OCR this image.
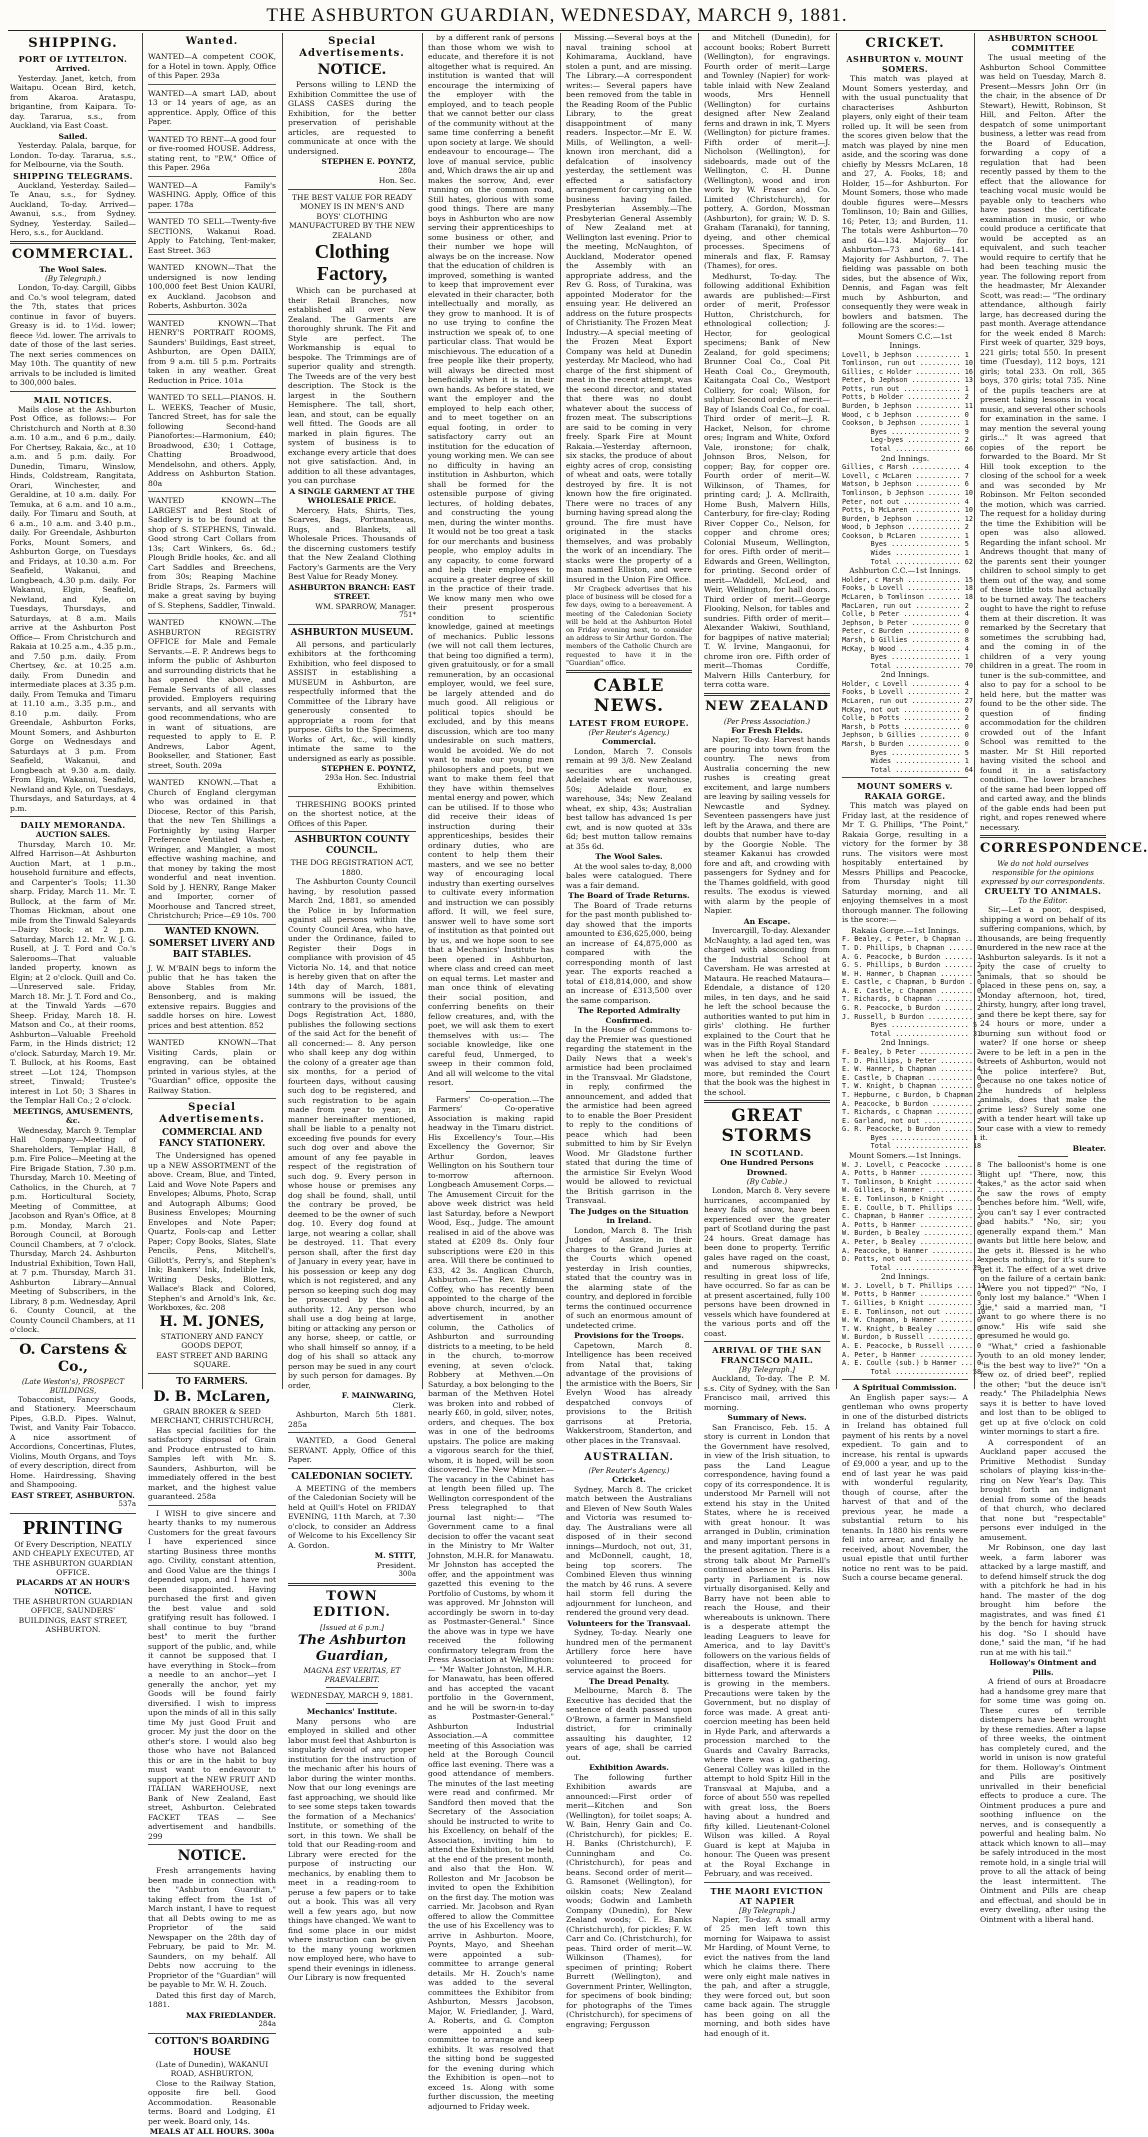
THE ASHBURTON GUARDIAN, WEDNESDAY, MARCH 9, 1881.
SHIPPING.
PORT OF LYTTELTON.
Arrived.
Yesterday. Janet, ketch, from Waitapu. Ocean Bird, ketch, from Akaroa. Arataspu, brigantine, from Kaipara. To-day. Tararua, s.s., from Auckland, via East Coast.
Sailed.
Yesterday. Palala, barque, for London. To-day. Tararua, s.s., for Melbourne, via the South.
SHIPPING TELEGRAMS.
Auckland, Yesterday. Sailed—Te Anau, s.s., for Sydney. Auckland, To-day. Arrived—Awanui, s.s., from Sydney. Sydney, Yesterday. Sailed—Hero, s.s., for Auckland.
COMMERCIAL.
The Wool Sales.
(By Telegraph.)
London, To-day. Cargill, Gibbs and Co.'s wool telegram, dated the 7th, states that prices continue in favor of buyers. Greasy is id. to 1½d. lower; fleece ½d. lower. The arrivals to date of those of the last series. The next series commences on May 10th. The quantity of new arrivals to be included is limited to 300,000 bales.
MAIL NOTICES.
Mails close at the Ashburton Post Office, as follows:— For Christchurch and North at 8.30 a.m. 10 a.m., and 6 p.m., daily. For Chertsey, Rakaia, &c., at 10 a.m. and 5 p.m. daily. For Dunedin, Timaru, Winslow, Hinds, Coldstream, Rangitata, Orari, Winchester, and Geraldine, at 10 a.m. daily. For Temuka, at 6 a.m. and 10 a.m., daily. For Timaru and South, at 6 a.m., 10 a.m. and 3.40 p.m., daily. For Greendale, Ashburton Forks, Mount Somers, and Ashburton Gorge, on Tuesdays and Fridays, at 10.30 a.m. For Seafield, Wakanui, and Longbeach, 4.30 p.m. daily. For Wakanui, Elgin, Seafield, Newland, and Kyle, on Tuesdays, Thursdays, and Saturdays, at 8 a.m. Mails arrive at the Ashburton Post Office— From Christchurch and Rakaia at 10.25 a.m., 4.35 p.m., and 7.50 p.m. daily. From Chertsey, &c. at 10.25 a.m. daily. From Dunedin and intermediate places at 3.35 p.m. daily. From Temuka and Timaru at 11.10 a.m., 3.35 p.m., and 8.10 p.m. daily. From Greendale, Ashburton Forks, Mount Somers, and Ashburton Gorge on Wednesdays and Saturdays at 3 p.m. From Seafield, Wakanui, and Longbeach at 9.30 a.m. daily. From Elgin, Wakanui, Seafield, Newland and Kyle, on Tuesdays, Thursdays, and Saturdays, at 4 p.m.
DAILY MEMORANDA.
AUCTION SALES.
Thursday, March 10. Mr. Alfred Harrison—At Ashburton Auction Mart, at 1 p.m., household furniture and effects, and Carpenter's Tools; 11.30 sharp. Friday, March 11. Mr. T. Bullock, at the farm of Mr. Thomas Hickman, about one mile from the Tinwald Saleyards—Dairy Stock; at 2 p.m. Saturday, March 12. Mr. W. J. G. Rusell, at J. T. Ford and Co.'s Salerooms—That valuable landed property, known as Elgin; at 2 o'clock. Quill and Co.—Unreserved sale. Friday, March 18. Mr. J. T. Ford and Co., at the Tinwald Yards —670 Sheep. Friday, March 18. H. Matson and Co., at their rooms, Ashburton—Valuable Freehold Farm, in the Hinds district; 12 o'clock. Saturday, March 19. Mr. T. Bullock, at his Rooms, East street —Lot 124, Thompson street, Tinwald; Trustee's interest in Lot 50; 3 Shares in the Templar Hall Co.; 2 o'clock.
MEETINGS, AMUSEMENTS, &c.
Wednesday, March 9. Templar Hall Company—Meeting of Shareholders, Templar Hall, 8 p.m. Fire Police—Meeting at the Fire Brigade Station, 7.30 p.m. Thursday, March 10. Meeting of Catholics, in the Church, at 7 p.m. Horticultural Society, Meeting of Committee, at Jacobson and Ryan's Office, at 8 p.m. Monday, March 21. Borough Council, at Borough Council Chambers, at 7 o'clock. Thursday, March 24. Ashburton Industrial Exhibition, Town Hall, at 7 p.m. Thursday, March 31. Ashburton Library—Annual Meeting of Subscribers, in the Library, 8 p.m. Wednesday, April 6. County Council, at the County Council Chambers, at 11 o'clock.
O. Carstens & Co.,
(Late Weston's), PROSPECT BUILDINGS,
Tobacconist, Fancy Goods, and Stationery. Meerschaum Pipes, G.B.D. Pipes. Walnut, Twist, and Vanity Fair Tobacco. A nice assortment of Accordions, Concertinas, Flutes, Violins, Mouth Organs, and Toys of every description, direct from Home. Hairdressing, Shaving and Shampooing.
EAST STREET, ASHBURTON.
537a
PRINTING
Of Every Description, NEATLY AND CHEAPLY EXECUTED, AT THE ASHBURTON GUARDIAN OFFICE.
PLACARDS AT AN HOUR'S NOTICE.
THE ASHBURTON GUARDIAN OFFICE, SAUNDERS' BUILDINGS, EAST STREET, ASHBURTON.
Wanted.
WANTED—A competent COOK, for a Hotel in town. Apply, Office of this Paper. 293a
WANTED—A smart LAD, about 13 or 14 years of age, as an apprentice. Apply, Office of this Paper.
WANTED TO RENT—A good four or five-roomed HOUSE. Address, stating rent, to "P.W," Office of this Paper. 296a
WANTED—A Family's WASHING. Apply, Office of this paper. 178a
WANTED TO SELL—Twenty-five SECTIONS, Wakanui Road. Apply to Fatching, Tent-maker, East Street. 363
WANTED KNOWN—That the undersigned is now lending 100,000 feet Best Union KAURI, ex Auckland. Jacobson and Roberts, Ashburton. 302a
WANTED KNOWN—That HENRY'S PORTRAIT ROOMS, Saunders' Buildings, East street, Ashburton, are Open DAILY, from 9 a.m. till 5 p.m. Portraits taken in any weather. Great Reduction in Price. 101a
WANTED TO SELL—PIANOS. H. L. WEEKS, Teacher of Music, Tancred Street, has for sale the following Second-hand Pianofortes:—Harmonium, £40; Broadwood, £30; 1 Cottage, Chatting Broadwood, Mendelsohn, and others. Apply, Address on Ashburton Station. 80a
WANTED KNOWN—The LARGEST and Best Stock of Saddlery is to be found at the shop of S. STEPHENS, Tinwald. Good strong Cart Collars from 13s; Cart Winkers, 6s. 6d.; Plough Bridle hooks, &c. and all Cart Saddles and Breechens, from 30s; Reaping Machine Bridle Straps, 2s. Farmers will make a great saving by buying of S. Stephens, Saddler, Tinwald.
WANTED KNOWN.—The ASHBURTON REGISTRY OFFICE for Male and Female Servants.—E. P. Andrews begs to inform the public of Ashburton and surrounding districts that he has opened the above, and Female Servants of all classes provided. Employers requiring servants, and all servants with good recommendations, who are in want of situations, are requested to apply to E. P. Andrews, Labor Agent, Bookseller, and Stationer, East street, South. 209a
WANTED KNOWN.—That a Church of England clergyman who was ordained in that Diocese, Rector of this Parish, that the new Ten Shillings a Fortnightly by using Harper Preference Ventilated Washer, Wringer, and Mangler, a most effective washing machine, and that money by taking the most wonderful and neat invention. Sold by J. HENRY, Range Maker and Importer, corner of Moorhouse and Tancred street, Christchurch; Price—£9 10s. 700
WANTED KNOWN.
SOMERSET LIVERY AND BAIT STABLES.
J. W. M'BAIN begs to inform the public that he has taken the above Stables from Mr. Bensonberg, and is making extensive repairs. Buggies and saddle horses on hire. Lowest prices and best attention. 852
WANTED KNOWN—That Visiting Cards, plain or engraving, can be obtained printed in various styles, at the "Guardian" office, opposite the Railway Station.
Special Advertisements.
COMMERCIAL AND FANCY STATIONERY.
The Undersigned has opened up a NEW ASSORTMENT of the above. Cream, Blue, and Tinted, Laid and Wove Note Papers and Envelopes; Albums, Photo, Scrap and Autograph Albums; Good Business Envelopes; Mourning Envelopes and Note Paper; Quartz, Fools-cap and Letter Paper; Copy Books, Slates, Slate Pencils, Pens, Mitchell's, Gillott's, Perry's, and Stephen's Ink; Bankers' Ink, Indelible Ink, Writing Desks, Blotters, Wallace's Black and Colored, Stephen's and Arnold's Ink, &c. Workboxes, &c. 208
H. M. JONES,
STATIONERY AND FANCY GOODS DEPOT,
EAST STREET AND BARING SQUARE.
TO FARMERS.
D. B. McLaren,
GRAIN BROKER & SEED MERCHANT, CHRISTCHURCH,
Has special facilities for the satisfactory disposal of Grain and Produce entrusted to him. Samples left with Mr. S. Saunders, Ashburton, will be immediately offered in the best market, and the highest value guaranteed. 258a
I WISH to give sincere and hearty thanks to my numerous Customers for the great favours I have experienced since starting Business three months ago. Civility, constant attention, and Good Value are the things I depended upon, and I have not been disappointed. Having purchased the first and given the best value and sold gratifying result has followed. I shall continue to buy "brand best" to merit the further support of the public, and, while it cannot be supposed that I have everything in Stock—from a needle to an anchor—yet I generally the anchor, yet my Goods will be found fairly diversified. I wish to impress upon the minds of all in this sally time My just Good Fruit and grocer. My just the door on the other's store. I would also beg those who have not Balanced this or are in the habit to buy must want to endeavour to support at the NEW FRUIT AND ITALIAN WAREHOUSE, next Bank of New Zealand, East street, Ashburton. Celebrated FACKET TEAS — See advertisement and handbills. 299
NOTICE.
Fresh arrangements having been made in connection with the "Ashburton Guardian," taking effect from the 1st of March instant, I have to request that all Debts owing to me as Proprietor of the said Newspaper on the 28th day of February, be paid to Mr. M. Saunders, on my behalf. All Debts now accruing to the Proprietor of the "Guardian" will be payable to Mr. W. H. Zouch.
Dated this first day of March, 1881.
MAX FRIEDLANDER.
284a
COTTON'S BOARDING HOUSE
(Late of Dunedin), WAKANUI ROAD, ASHBURTON,
Close to the Railway Station, opposite fire bell. Good Accommodation. Reasonable terms. Board and Lodging, £1 per week. Board only, 14s.
MEALS AT ALL HOURS. 300a
Special Advertisements.
NOTICE.
Persons willing to LEND the Exhibition Committee the use of GLASS CASES during the Exhibition, for the better preservation of perishable articles, are requested to communicate at once with the undersigned.
STEPHEN E. POYNTZ,
280a
Hon. Sec.
THE BEST VALUE FOR READY MONEY IS IN MEN'S AND BOYS' CLOTHING MANUFACTURED BY THE NEW ZEALAND
Clothing Factory,
Which can be purchased at their Retail Branches, now established all over New Zealand. The Garments are thoroughly shrunk. The Fit and Style are perfect. The Workmanship is equal to bespoke. The Trimmings are of superior quality and strength. The Tweeds are of the very best description. The Stock is the largest in the Southern Hemisphere. The tall, short, lean, and stout, can be equally well fitted. The Goods are all marked in plain figures. The system of business is to exchange every article that does not give satisfaction. And, in addition to all these advantages, you can purchase
A SINGLE GARMENT AT THE WHOLESALE PRICE.
Mercery, Hats, Shirts, Ties, Scarves, Bags, Portmanteaus, Rugs, and Blankets, all Wholesale Prices. Thousands of the discerning customers testify that the New Zealand Clothing Factory's Garments are the Very Best Value for Ready Money.
ASHBURTON BRANCH: EAST STREET.
WM. SPARROW, Manager.
751*
ASHBURTON MUSEUM.
All persons, and particularly exhibitors at the forthcoming Exhibition, who feel disposed to ASSIST in establishing a MUSEUM in Ashburton, are respectfully informed that the Committee of the Library have generously consented to appropriate a room for that purpose. Gifts to the Specimens, Works of Art, &c., will kindly intimate the same to the undersigned as early as possible.
STEPHEN E. POYNTZ,
293a Hon. Sec. Industrial Exhibition.
THRESHING BOOKS printed on the shortest notice, at the Offices of this Paper.
ASHBURTON COUNTY COUNCIL.
THE DOG REGISTRATION ACT, 1880.
The Ashburton County Council having, by resolution passed March 2nd, 1881, so amended the Police in by Information against all persons within the County Council Area, who have, under the Ordinance, failed to Register their Dogs in compliance with provision of 45 Victoria No. 14, and that notice is hereby given that on after the 14th day of March, 1881, summons will be issued, the contrary to the provisions of the Dogs Registration Act, 1880, publishes the following sections of the said Act for the benefit of all concerned:— 8. Any person who shall keep any dog within the colony of a greater age than six months, for a period of fourteen days, without causing such dog to be registered, and such registration to be again made from year to year, in manner hereinafter mentioned, shall be liable to a penalty not exceeding five pounds for every such dog over and above the amount of any fee payable in respect of the registration of such dog. 9. Every person in whose house or premises any dog shall be found, shall, until the contrary be proved, be deemed to be the owner of such dog. 10. Every dog found at large, not wearing a collar, shall be destroyed. 11. That every person shall, after the first day of January in every year, have in his possession or keep any dog which is not registered, and any person so keeping such dog may be prosecuted by the local authority. 12. Any person who shall use a dog being at large, biting or attacking any person or any horse, sheep, or cattle, or who shall himself so annoy, if a dog of his shall so attack any person may be sued in any court by such person for damages. By order,
F. MAINWARING,
Clerk.
Ashburton, March 5th 1881. 285a
WANTED, a Good General SERVANT. Apply, Office of this Paper.
CALEDONIAN SOCIETY.
A MEETING of the members of the Caledonian Society will be held at Quill's Hotel on FRIDAY EVENING, 11th March, at 7.30 o'clock, to consider an Address of Welcome to his Excellency Sir A. Gordon.
M. STITT,
President.
300a
TOWN EDITION.
[Issued at 6 p.m.]
The Ashburton Guardian,
MAGNA EST VERITAS, ET PRAEVALEBIT.
WEDNESDAY, MARCH 9, 1881.
Mechanics' Institute.
Many persons who are employed in skilled and other labor must feel that Ashburton is singularly devoid of any proper institution for the instruction of the mechanic after his hours of labor during the winter months. Now that our long evenings are fast approaching, we should like to see some steps taken towards the formation of a Mechanics' Institute, or something of the sort, in this town. We shall be told that our Reading-room and Library were erected for the purpose of instructing our mechanics, by enabling them to meet in a reading-room to peruse a few papers or to take out a book. This was all very well a few years ago, but now things have changed. We want to find some place in our midst where instruction can be given to the many young workmen now employed here, who have to spend their evenings in idleness. Our Library is now frequented
by a different rank of persons than those whom we wish to educate, and therefore it is not altogether what is required. An institution is wanted that will encourage the intermixing of the employer with the employed, and to teach people that we cannot better our class of the community without at the same time conferring a benefit upon society at large. We should endeavour to encourage— The love of manual service, public and, Which draws the air up and makes the sorrow, And, ever running on the common road, Still hates, glorious with some good things. There are many boys in Ashburton who are now serving their apprenticeships to some business or other, and their number we hope will always be on the increase. Now that the education of children is improved, something is wanted to keep that improvement ever elevated in their character, both intellectually and morally, as they grow to manhood. It is of no use trying to confine the instruction we speak of, to one particular class. That would be mischievous. The education of a free people like their property, will always be directed most beneficially when it is in their own hands. As before stated, we want the employer and the employed to help each other, and to meet together on an equal footing, in order to satisfactory carry out an institution for the education of young working men. We can see no difficulty in having an institution in Ashburton, which shall be formed for the ostensible purpose of giving lectures, of holding debates, and constructing the young men, during the winter months. It would not be too great a task for our merchants and business people, who employ adults in any capacity, to come forward and help their employees to acquire a greater degree of skill in the practice of their trade. We know many men who owe their present prosperous condition to scientific knowledge, gained at meetings of mechanics. Public lessons (we will not call them lectures, that being too dignified a term), given gratuitously, or for a small remuneration, by an occasional employer, would, we feel sure, be largely attended and do much good. All religious or political topics should be excluded, and by this means discussion, which are too many undesirable on such matters, would be avoided. We do not want to make our young men philosophers and poets, but we want to make them feel that they have within themselves mental energy and power, which can be utilised. If to those who did receive their ideas of instruction during their apprenticeships, besides their ordinary duties, who are content to help them their masters, and we see no better way of encouraging local industry than exerting ourselves to cultivate every information and instruction we can possibly afford. It will, we feel sure, answer well to have some sort of institution as that pointed out by us, and we hope soon to see that a Mechanics' Institute has been opened in Ashburton, where class and creed can meet on equal terms. Let master and man once think of elevating their social position, and conferring benefits on their fellow creatures, and, with the poet, we will ask them to exert themselves with us:— The sociable knowledge, like one careful feud, Unmerged, to sweep in their common fold, And all will welcome to the vital resort.
Farmers' Co-operation.—The Farmers' Co-operative Association is making rapid headway in the Timaru district. His Excellency's Tour.—His Excellency the Governor, Sir Arthur Gordon, leaves Wellington on his Southern tour to-morrow afternoon. Longbeach Amusement Corps.—The Amusement Circuit for the above week district was held last Saturday, before a Newport Wood, Esq., Judge. The amount realised in aid of the above was stated at £209 8s. Only four subscriptions were £20 in this area. Will there be continued to £33, 42 3s. Anglican Church, Ashburton.—The Rev. Edmund Coffey, who has recently been appointed to the charge of the above church, incurred, by an advertisement in another column, the Catholics of Ashburton and surrounding districts to a meeting, to be held in the church, to-morrow evening, at seven o'clock. Robbery at Methven.—On Saturday, a box belonging to the barman of the Methven Hotel was broken into and robbed of nearly £60, in gold, silver, notes, orders, and cheques. The box was in one of the bedrooms upstairs. The police are making a vigorous search for the thief, whom, it is hoped, will be soon discovered. The New Minister.—The vacancy in the Cabinet has at length been filled up. The Wellington correspondent of the Press telegraphed to that journal last night:— "The Government came to a final decision to offer the vacant seat in the Ministry to Mr Walter Johnston, M.H.R. for Manawatu. Mr Johnston has accepted the offer, and the appointment was gazetted this evening to the Portfolio of Customs, by whom it was approved. Mr Johnston will accordingly be sworn in to-day as Postmaster-General." Since the above was in type we have received the following confirmatory telegram from the Press Association at Wellington:— "Mr Walter Johnston, M.H.R. for Manawatu, has been offered and has accepted the vacant portfolio in the Government, and he will be sworn-in to-day as Postmaster-General." Ashburton Industrial Association.—A committee meeting of this Association was held at the Borough Council office last evening. There was a good attendance of members. The minutes of the last meeting were read and confirmed. Mr Sandford then moved that the Secretary of the Association should be instructed to write to his Excellency, on behalf of the Association, inviting him to attend the Exhibition, to be held at the end of the present month, and also that the Hon. W. Rolleston and Mr Jacobson be invited to open the Exhibition on the first day. The motion was carried. Mr. Jacobson and Ryan offered to allow the Committee the use of his Excellency was to arrive in Ashburton. Moore, Poynts, Mayo, and Sheehan were appointed a sub-committee to arrange general details. Mr H. Zouch's name was added to the several committees the Exhibitor from Ashburton, Messrs Jacobson, Major, W. Friedlander, J. Ward, A. Roberts, and G. Compton were appointed a sub-committee to arrange and keep exhibits. It was resolved that the sitting bond be suggested for the evening during which the Exhibition is open—not to exceed 1s. Along with some further discussion, the meeting adjourned to Friday week.
Missing.—Several boys at the naval training school at Kohimarama, Auckland, have stolen a punt, and are missing. The Library.—A correspondent writes:— Several papers have been removed from the table in the Reading Room of the Public Library, to the great disappointment of many readers. Inspector.—Mr E. W. Mills, of Wellington, a well-known iron merchant, did a defalcation of insolvency yesterday, the settlement was effected a satisfactory arrangement for carrying on the business having failed. Presbyterian Assembly.—The Presbyterian General Assembly of New Zealand met at Wellington last evening. Prior to the meeting, McNaughton, of Auckland, Moderator opened the Assembly with an appropriate address, and the Rev G. Ross, of Turakina, was appointed Moderator for the ensuing year. He delivered an address on the future prospects of Christianity. The Frozen Meat Industry.—A special meeting of the Frozen Meat Export Company was held at Dunedin yesterday. Mr Macleod, who had charge of the first shipment of meat in the recent attempt, was the second director, and stated that there was no doubt whatever about the success of frozen meat. The subscriptions are said to be coming in very freely. Spark Fire at Mount Rakaia.—Yesterday afternoon, six stacks, the produce of about eighty acres of crop, consisting of wheat and oats, were totally destroyed by fire. It is not known how the fire originated. There were no traces of any burning having spread along the ground. The fire must have originated in the stacks themselves, and was probably the work of an incendiary. The stacks were the property of a man named Elliston, and were insured in the Union Fire Office.
Mr Cragbeck advertises that his place of business will be closed for a few days, owing to a bereavement. A meeting of the Caledonian Society will be held at the Ashburton Hotel on Friday evening next, to consider an address to Sir Arthur Gordon. The members of the Catholic Church are requested to have it in the "Guardian" office.
CABLE NEWS.
LATEST FROM EUROPE.
(Per Reuter's Agency.)
Commercial.
London, March 7. Consols remain at 99 3/8. New Zealand securities are unchanged. Adelaide wheat ex warehouse, 50s; Adelaide flour, ex warehouse, 34s; New Zealand wheat, ex ship, 43s; Australian best tallow has advanced 1s per cwt, and is now quoted at 33s 6d; best mutton tallow remains at 35s 6d.
The Wool Sales.
At the wool sales to-day, 8,000 bales were catalogued. There was a fair demand.
The Board of Trade Returns.
The Board of Trade returns for the past month published to-day showed that the imports amounted to £36,625,000, being an increase of £4,875,000 as compared with the corresponding month of last year. The exports reached a total of £18,814,000, and show an increase of £313,500 over the same comparison.
The Reported Admiralty Confirmed.
In the House of Commons to-day the Premier was questioned regarding the statement in the Daily News that a week's armistice had been proclaimed in the Transvaal. Mr Gladstone, in reply, confirmed the announcement, and added that the armistice had been agreed to to enable the Boer President to reply to the conditions of peace which had been submitted to him by Sir Evelyn Wood. Mr Gladstone further stated that during the time of the armistice Sir Evelyn Wood would be allowed to revictual the British garrison in the Transvaal.
The Judges on the Situation in Ireland.
London, March 8. The Irish Judges of Assize, in their charges to the Grand Juries at the Courts which opened yesterday in Irish counties, stated that the country was in the alarming state of the country, and deplored in forcible terms the continued occurrence of such an enormous amount of undetected crime.
Provisions for the Troops.
Capetown, March 8. Intelligence has been received from Natal that, taking advantage of the provisions of the armistice with the Boers, Sir Evelyn Wood has already despatched convoys of provisions to the British garrisons at Pretoria, Wakkerstroom, Standerton, and other places in the Transvaal.
AUSTRALIAN.
(Per Reuter's Agency.)
Cricket.
Sydney, March 8. The cricket match between the Australians and Eleven of New South Wales and Victoria was resumed to-day. The Australians were all disposed of in their second innings—Murdoch, not out, 31, and McDonnell, caught, 18, being top scorers. The Combined Eleven thus winning the match by 46 runs. A severe hail storm fell during the adjournment for luncheon, and rendered the ground very dead.
Volunteers for the Transvaal.
Sydney, To-day. Nearly one hundred men of the permanent Artillery force here have volunteered to proceed for service against the Boers.
The Dread Penalty.
Melbourne, March 8. The Executive has decided that the sentence of death passed upon O'Brown, a farmer in Mansfield district, for criminally assaulting his daughter, 12 years of age, shall be carried out.
Exhibition Awards.
The following further Exhibition awards are announced:—First order of merit—Kitchen and Son (Wellington), for toilet soaps; A. W. Bain, Henry Gain and Co. (Christchurch), for pickles; E. H. Banks (Christchurch), F. Cunningham and Co. (Christchurch), for peas and beans. Second order of merit—G. Ramsonet (Wellington), for oilskin coats; New Zealand woods; Godwin and Lambeth Company (Dunedin), for New Zealand woods; C. E. Banks (Christchurch), for pickles; F. W. Carr and Co. (Christchurch), for peas. Third order of merit—W. Wilkinson (Thames), for specimen of printing; Robert Burrett (Wellington), and Government Printer, Wellington, for specimens of book binding; for photographs of the Times (Christchurch), for specimens of engraving; Fergusson
and Mitchell (Dunedin), for account books; Robert Burrett (Wellington), for engravings. Fourth order of merit—Large and Townley (Napier) for work-table inlaid with New Zealand woods, Mrs Hennell (Wellington) for curtains designed after New Zealand ferns and drawn in ink, T. Myers (Wellington) for picture frames. Fifth order of merit—J. Nicholson (Wellington), for sideboards, made out of the Wellington, C. H. Dunne (Wellington), wood and iron work by W. Fraser and Co. Limited (Christchurch), for pottery, A. Gordon, Mossman (Ashburton), for grain; W. D. S. Graham (Taranaki), for tanning, dyeing, and other chemical processes. Specimens of minerals and flax, F. Ramsay (Thames), for ores.
Medhurst, To-day. The following additional Exhibition awards are published:—First order of merit, Professor Hutton, Christchurch, for ethnological collection; J. Hector, for geological specimens; Bank of New Zealand, for gold specimens; Brunner Coal Co., Coal Pit Heath Coal Co., Greymouth, Kaitangata Coal Co., Westport Colliery, for coal; Wilson, for sulphur. Second order of merit—Bay of Islands Coal Co., for coal. Third order of merit—J. R. Hacket, Nelson, for chrome ores; Ingram and White, Oxford Vale, ironstone; for chalk, Johnson Bros, Nelson, for copper; Bay, for copper ore. Fourth order of merit—W. Wilkinson, of Thames, for printing card; J. A. McIlraith, Home Bush, Malvern Hills, Canterbury, for fire-clay; Roding River Copper Co., Nelson, for copper and chrome ores; Colonial Museum, Wellington, for ores. Fifth order of merit—Edwards and Green, Wellington, for printing. Second order of merit—Waddell, McLeod, and Weir, Wellington, for hall doors. Third order of merit—George Flooking, Nelson, for tables and sundries. Fifth order of merit—Alexander Wakiwi, Southland, for bagpipes of native material; T. W. Irvine, Mangaonui, for chrome iron ore. Fifth order of merit—Thomas Cordiffe, Malvern Hills Canterbury, for terra cotta ware.
NEW ZEALAND
(Per Press Association.)
For Fresh Fields.
Napier, To-day. Harvest hands are pouring into town from the country. The news from Australia concerning the new rushes is creating great excitement, and large numbers are leaving by sailing vessels for Newcastle and Sydney. Seventeen passengers have just left by the Arawa, and there are doubts that number have to-day by the Goorgie Noble. The steamer Kakanui has crowded fore and aft, and crowding with passengers for Sydney and for the Thames goldfield, with good results. The exodus is viewed with alarm by the people of Napier.
An Escape.
Invercargill, To-day. Alexander McNaughty, a lad aged ten, was charged with absconding from the Industrial School at Caversham. He was arrested at Mataura. He reached Mataura—Edendale, a distance of 120 miles, in ten days, and he said he left the school because the authorities wanted to put him in girls' clothing. He further explained to the Court that he was in the Fifth Royal Standard when he left the school, and was advised to stay and learn more, but reminded the Court that the book was the highest in the school.
GREAT STORMS
IN SCOTLAND.
One Hundred Persons Drowned.
(By Cable.)
London, March 8. Very severe hurricanes, accompanied by heavy falls of snow, have been experienced over the greater part of Scotland during the past 24 hours. Great damage has been done to property. Terrific gales have raged on the coast, and numerous shipwrecks, resulting in great loss of life, have occurred. So far as can be at present ascertained, fully 100 persons have been drowned in vessels which have foundered at the various ports and off the coast.
ARRIVAL OF THE SAN FRANCISCO MAIL.
[By Telegraph.]
Auckland, To-day. The P. M. s.s. City of Sydney, with the San Francisco mail, arrived this morning.
Summary of News.
San Francisco, Feb. 15. A story is current in London that the Government have resolved, in view of the Irish situation, to pass the Land League correspondence, having found a copy of its correspondence. It is understood Mr Parnell will not extend his stay in the United States, where he is received with great honour. It was arranged in Dublin, crimination and many important persons in the present agitation. There is a strong talk about Mr Parnell's continued absence in Paris. His party in Parliament is now virtually disorganised. Kelly and Barry have not been able to reach the House, and their whereabouts is unknown. There is a desperate attempt the leading Leaguers to leave for America, and to lay Davitt's followers on the various fields of disaffection, where it is feared bitterness toward the Ministers is growing in the members. Precautions were taken by the Government, but no display of force was made. A great anti-coercion meeting has been held in Hyde Park, and afterwards a procession marched to the Guards and Cavalry Barracks, where there was a gathering. General Colley was killed in the attempt to hold Spitz Hill in the Transvaal at Majuba, and a force of about 550 was repelled with great loss, the Boers having about a hundred and fifty killed. Lieutenant-Colonel Wilson was killed. A Royal Guard is kept at Majuba in honour. The Queen was present at the Royal Exchange in February, and was received.
THE MAORI EVICTION AT NAPIER
[By Telegraph.]
Napier, To-day. A small army of 25 men left town this morning for Waipawa to assist Mr Harding, of Mount Verne, to evict the natives from the land which he claims there. There were only eight male natives in the pah, and after a struggle, they were forced out, but soon came back again. The struggle has been going on all the morning, and both sides have had enough of it.
CRICKET.
ASHBURTON v. MOUNT SOMERS.
This match was played at Mount Somers yesterday, and with the usual punctuality that characterises Ashburton players, only eight of their team rolled up. It will be seen from the scores given below that the match was played by nine men aside, and the scoring was done chiefly by Messrs McLaren, 18 and 27, A. Fooks, 18; and Holder, 15—for Ashburton. For Mount Somers, those who made double figures were—Messrs Tomlinson, 10; Bain and Gillies, 16; Peter, 13; and Burden, 11. The totals were Ashburton—70 and 64—134. Majority for Ashburton—73 and 68—141. Majority for Ashburton, 7. The fielding was passable on both sides, but the absence of Wix, Dennis, and Fagan was felt much by Ashburton, and consequently they were weak in bowlers and batsmen. The following are the scores:—
Mount Somers C.C.—1st Innings.
Lovell, b Jephson ........... 1
Tomlinson, run out .......... 10
Gillies, c Holder ........... 16
Peter, b Jephson ............ 13
Potts, run out .............. 1
Potts, b Holder ............. 2
Burden, b Jephson ........... 11
Wood, c b Jephson ........... 0
Cookson, b Jephson .......... 1
Byes ................. 9
Leg-byes ............. 2
Total ................ 66
2nd Innings.
Gillies, c Marsh ............ 4
Lovell, c McLaren ........... 7
Watson, b Jephson ........... 6
Tomlinson, b Jephson ........ 10
Peter, not out .............. 4
Potts, b McLaren ............ 10
Burden, b Jephson ........... 12
Wood, b Jephson ............. 2
Cookson, b McLaren .......... 1
Byes ................. 5
Wides ................ 1
Total ................ 62
Ashburton C.C.—1st Innings.
Holder, c Marsh ............. 15
Fooks, b Lovell ............. 18
McLaren, b Tomlinson ........ 18
MacLaren, run out ........... 2
Colle, b Peter .............. 4
Jephson, b Peter ............ 0
Peter, c Burden ............. 0
Marsh, b Gillies ............ 8
McKay, b Wood ............... 4
Byes ................. 1
Total ................ 70
2nd Innings.
Holder, c Lovell ............ 4
Fooks, b Lovell ............. 2
McLaren, run out ............ 27
McKay, not out .............. 0
Colle, b Potts .............. 2
Marsh, b Potts .............. 0
Jephson, b Gillies .......... 0
Marsh, b Burden ............. 0
Byes ................. 5
Wides ................ 1
Total ................ 64
MOUNT SOMERS v. RAKAIA GORGE.
This match was played on Friday last, at the residence of Mr T. G. Phillips, "The Point," Rakaia Gorge, resulting in a victory for the former by 38 runs. The visitors were most hospitably entertained by Messrs Phillips and Peacocke, from Thursday night till Saturday morning, and all enjoying themselves in a most thorough manner. The following is the score:—
Rakaia Gorge.—1st Innings.
F. Bealey, c Peter, b Chapman .. 1
T. D. Phillips, b Chapman ...... 0
A. G. Peacocke, b Burdon ....... 1
G. S. Phillips, b Burdon ....... 2
W. H. Hanmer, b Chapman ........ 5
E. Castle, c Chapman, b Burdon . 0
A. E. Castle, c Chapman ........ 0
T. Richards, b Chapman ......... 1
G. R. Peacocke, b Burdon ....... 2
J. Russell, b Burdon ........... 3
Byes ................... 5
Total .................. 31
2nd Innings.
F. Bealey, b Peter ............. 2
T. D. Phillips, b Peter ........ 0
E. W. Hanmer, b Chapman ........ 4
E. Castle, b Chapman ........... 0
T. W. Knight, b Chapman ........ 0
T. Hepburne, c Burdon, b Chapman 2
A. Peacocke, b Burdon .......... 2
T. Richards, c Chapman ......... 0
E. Garland, not out ............ 2
G. R. Peacocke, b Burdon ....... 5
Byes ................... 1
Total .................. 18
Mount Somers.—1st Innings.
W. J. Lovell, c Peacocke ....... 8
A. Potts, b Hanmer ............. 3
T. Tomlinson, b Knight ......... 4
W. Gillies, b Hanmer ........... 2
E. E. Tomlinson, b Knight ...... 6
E. E. Coulle, b T. Phillips .... 1
C. Chapman, b Hanmer ........... 2
A. Potts, b Hanmer ............. 0
W. Burden, b Bealey ............ 0
A. Peter, b Bealey ............. 0
A. Peacocke, b Hanmer .......... 1
D. Potts, not out .............. 2
Total .................. 29
2nd Innings.
W. J. Lovell, b T. Phillips .... 11
W. Potts, b Hanmer ............. 0
T. Gillies, b Knight ........... 3
E. E. Tomlinson, not out ....... 10
W. W. Chapman, b Hanmer ........ 0
T. W. Knight, b Bealey ......... 0
W. Burdon, b Russell ........... 0
A. E. Peacocke, b Russell ...... 0
A. Peter, b Hanmer ............. 7
A. E. Coulle (sub.) b Hanmer ... 0
Total .................. 58
A Spiritual Commission.
An English paper says:— A gentleman who owns property in one of the disturbed districts in Ireland has obtained full payment of his rents by a novel expedient. To gain and to increase, his rental is upwards of £9,000 a year, and up to the end of last year he was paid with wonderful regularity, though of course, after the harvest of that and of the previous year, he made a substantial return to his tenants. In 1880 his rents were fell into arrear, and finally he received, about November, the usual epistle that until further notice no rent was to be paid. Such a course became general.
ASHBURTON SCHOOL COMMITTEE
The usual meeting of the Ashburton School Committee was held on Tuesday, March 8. Present—Messrs John Orr (in the chair, in the absence of Dr Stewart), Hewitt, Robinson, St Hill, and Felton. After the despatch of some unimportant business, a letter was read from the Board of Education, forwarding a copy of a regulation that had been recently passed by them to the effect that the allowance for teaching vocal music would be payable only to teachers who have passed the certificate examination in music, or who could produce a certificate that would be accepted as an equivalent, and such teacher would require to certify that he had been teaching music the year. The following report from the headmaster, Mr Alexander Scott, was read:— "The ordinary attendance, although fairly large, has decreased during the past month. Average attendance for the week ended 8 March: First week of quarter, 329 boys, 221 girls; total 550. In present time (Tuesday), 112 boys, 121 girls; total 233. On roll, 365 boys, 370 girls; total 735. Nine of the pupils teachers are at present taking lessons in vocal music, and several other schools for examination in the same. I may mention the several young girls..." It was agreed that copies of the report be forwarded to the Board. Mr St Hill took exception to the closing of the school for a week and was seconded by Mr Robinson. Mr Felton seconded the motion, which was carried. The request for a holiday during the time the Exhibition will be open was also allowed. Regarding the infant school. Mr Andrews thought that many of the parents sent their younger children to school simply to get them out of the way, and some of these little tots had actually to be turned away. The teachers ought to have the right to refuse them at their discretion. It was remarked by the Secretary that sometimes the scrubbing had, and the coming in of the children of a very young children in a great. The room in tuner is the sub-committee, and also to pay for a school to be held here, but the matter was found to be the other side. The question of finding accommodation for the children crowded out of the Infant School was remitted to the master. Mr St Hill reported having visited the school and found it in a satisfactory condition. The lower branches of the same had been lopped off and carted away, and the blinds of the gable ends had been put right, and ropes renewed where necessary.
CORRESPONDENCE.
We do not hold ourselves responsible for the opinions expressed by our correspondents.
CRUELTY TO ANIMALS.
To the Editor.
Sir,—Let a poor, despised, shipping a word on behalf of its suffering companions, which, by thousands, are being frequently murdered in the new race at the Ashburton saleyards. Is it not a pity the case of cruelty to animals, that so should be placed in these pens on, say, a Monday afternoon, hot, tired, thirsty, hungry, after long travel, and there be kept there, say for 24 hours or more, under a burning sun without food or water? If one horse or sheep were to be left in a pen in the streets of Ashburton, would not the police interfere? But, because no one takes notice of the hundreds of helpless animals, does that make the crime less? Surely some one with a tender heart will take up our case with a view to remedy it.
Bleater.
The balloonist's home is one flight up! "There, now, this takes," as the actor said when he saw the rows of empty benches before him. "Well, wife, you can't say I ever contracted bad habits." "No, sir; you generally expand them." Man wants but little here below, and he gets it. Blessed is he who expects nothing, for it's sure to get it. The effect of a wet drive on the failure of a certain bank: "Were you not tipped?" "No, I only lost my balance." "When I die," said a married man, "I want to go where there is no snow." His wife said she presumed he would go.
"What," cried a fashionable youth to an old money lender, "is the best way to live?" "On a few oz. of dried beef", replied the other; "but the deuce isn't ready." The Philadelphia News says it is better to have loved and lost than to be obliged to get up at five o'clock on cold winter mornings to start a fire.
A correspondent of an Auckland paper accused the Primitive Methodist Sunday scholars of playing kiss-in-the-ring on New Year's Day. This brought forth an indignant denial from some of the heads of that church, who declared that none but "respectable" persons ever indulged in the amusement.
Mr Robinson, one day last week, a farm laborer was attacked by a large mastiff, and to defend himself struck the dog with a pitchfork he had in his hand. The master of the dog brought him before the magistrates, and was fined £1 by the bench for having struck his dog. "So I should have done," said the man, "if he had run at me with his tail."
Holloway's Ointment and Pills.
A friend of ours at Broadacre had a handsome grey mare that for some time was going on. These cures of terrible distempers have been wrought by these remedies. After a lapse of three weeks, the ointment has completely cured, and the world in unison is now grateful for them. Holloway's Ointment and Pills are positively unrivalled in their beneficial effects to produce a cure. The Ointment produces a pure and soothing influence on the nerves, and is consequently a powerful and healing balm. No attack which known to all—may be safely introduced in the most remote hold, in a single trial will prove to all the attack of being the least intermittent. The Ointment and Pills are cheap and effectual, and should be in every dwelling, after using the Ointment with a liberal hand.
